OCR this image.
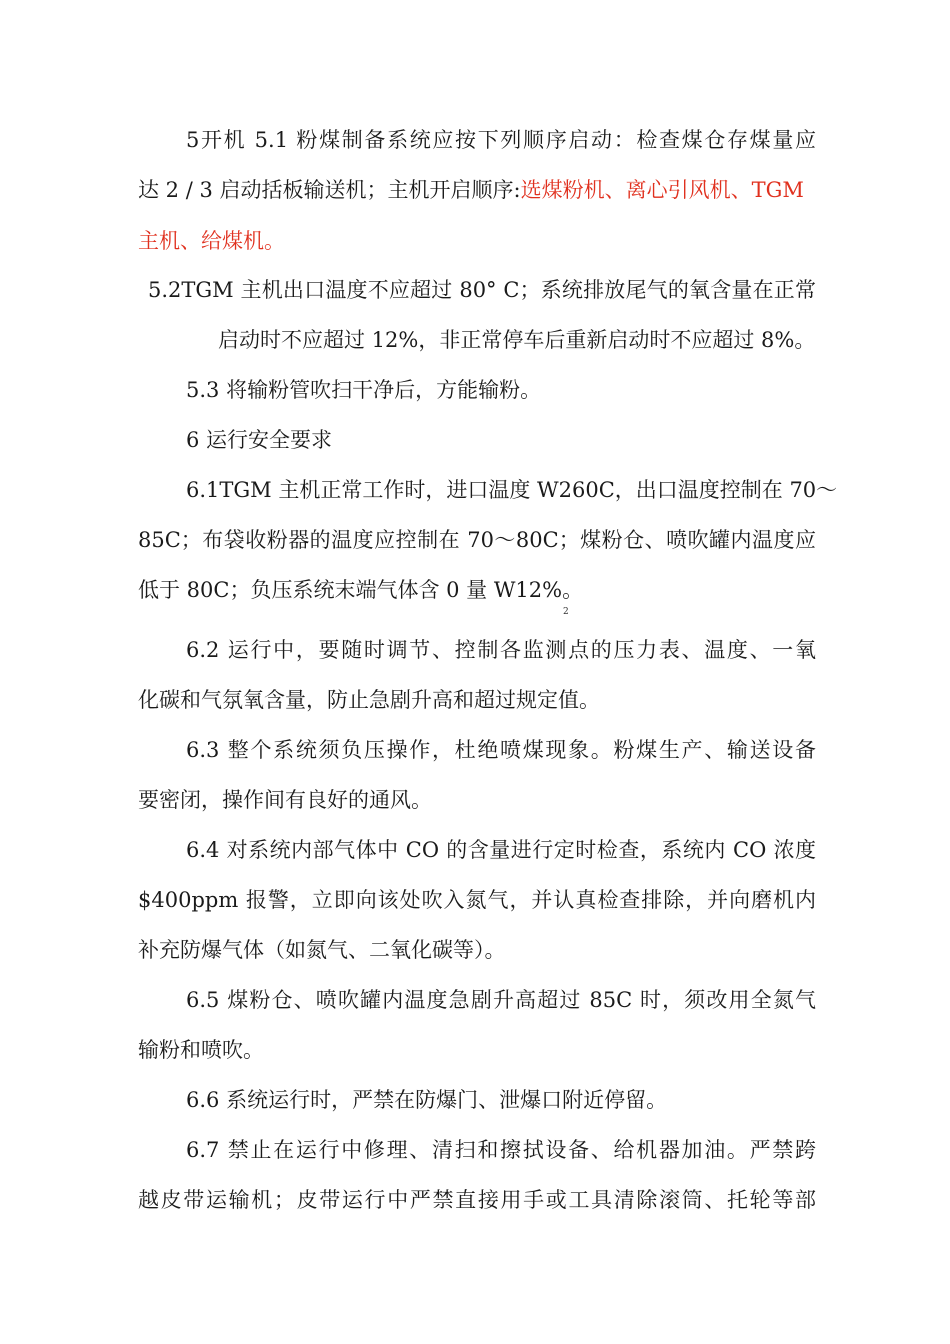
5开机 5.1 粉煤制备系统应按下列顺序启动：检查煤仓存煤量应
达 2 / 3 启动括板输送机；主机开启顺序:选煤粉机、离心引风机、TGM
主机、给煤机。
5.2TGM 主机出口温度不应超过 80° C；系统排放尾气的氧含量在正常
启动时不应超过 12%，非正常停车后重新启动时不应超过 8%。
5.3 将输粉管吹扫干净后，方能输粉。
6 运行安全要求
6.1TGM 主机正常工作时，进口温度 W260C，出口温度控制在 70〜
85C；布袋收粉器的温度应控制在 70〜80C；煤粉仓、喷吹罐内温度应
低于 80C；负压系统末端气体含 0 量 W12%。
2
6.2 运行中，要随时调节、控制各监测点的压力表、温度、一氧
化碳和气氛氧含量，防止急剧升高和超过规定值。
6.3 整个系统须负压操作，杜绝喷煤现象。粉煤生产、输送设备
要密闭，操作间有良好的通风。
6.4 对系统内部气体中 CO 的含量进行定时检查，系统内 CO 浓度
$400ppm 报警，立即向该处吹入氮气，并认真检查排除，并向磨机内
补充防爆气体（如氮气、二氧化碳等）。
6.5 煤粉仓、喷吹罐内温度急剧升高超过 85C 时，须改用全氮气
输粉和喷吹。
6.6 系统运行时，严禁在防爆门、泄爆口附近停留。
6.7 禁止在运行中修理、清扫和擦拭设备、给机器加油。严禁跨
越皮带运输机；皮带运行中严禁直接用手或工具清除滚筒、托轮等部
